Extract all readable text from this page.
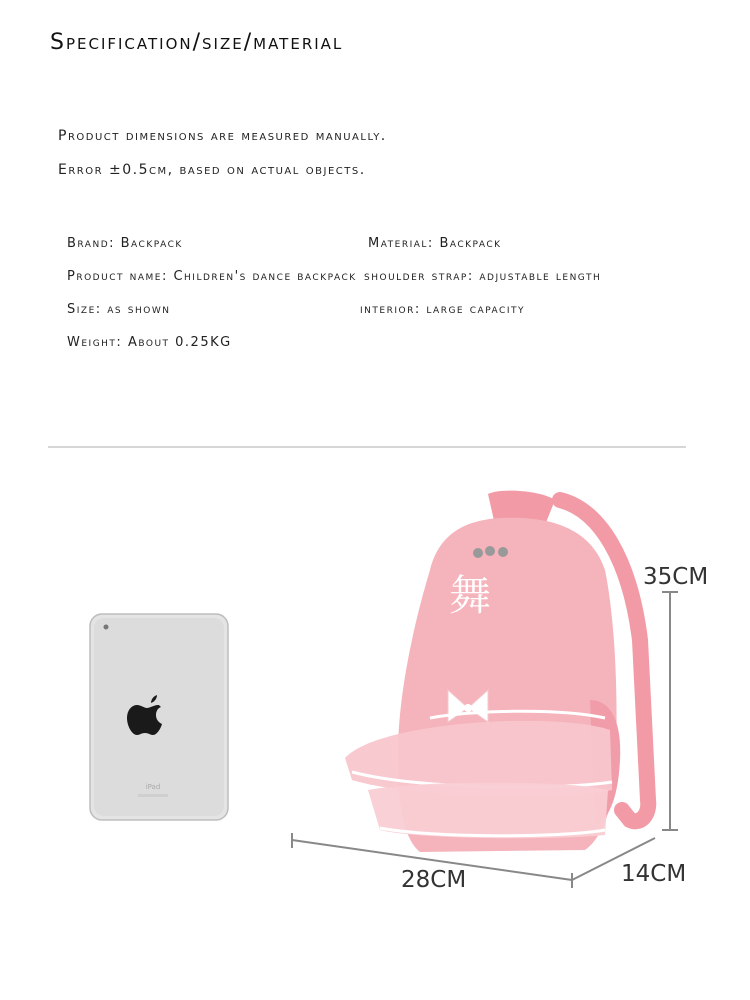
Specification/size/material
Product dimensions are measured manually.
Error ±0.5cm, based on actual objects.
Brand: Backpack	Material: Backpack
Product name: Children's dance backpack shoulder strap: adjustable length
Size: as shown	interior: large capacity
Weight: About 0.25KG
iPad
舞	35CM
28CM	14CM
